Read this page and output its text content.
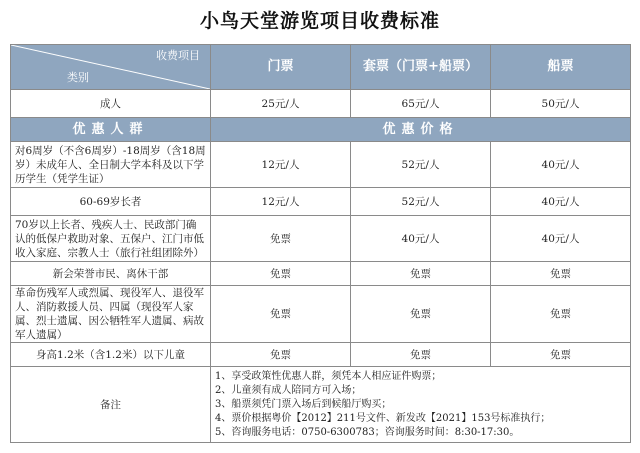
小鸟天堂游览项目收费标准
收费项目
类别	门票	套票（门票+船票）	船票
成人	25元/人	65元/人	50元/人
优惠人群	优惠价格		
对6周岁（不含6周岁）-18周岁（含18周岁）未成年人、全日制大学本科及以下学历学生（凭学生证）	12元/人	52元/人	40元/人
60-69岁长者	12元/人	52元/人	40元/人
70岁以上长者、残疾人士、民政部门确认的低保户救助对象、五保户、江门市低收入家庭、宗教人士（旅行社组团除外）	免票	40元/人	40元/人
新会荣誉市民、离休干部	免票	免票	免票
革命伤残军人或烈属、现役军人、退役军人、消防救援人员、四属（现役军人家属、烈士遗属、因公牺牲军人遗属、病故军人遗属）	免票	免票	免票
身高1.2米（含1.2米）以下儿童	免票	免票	免票
备注	1、享受政策性优惠人群，须凭本人相应证件购票；
2、儿童须有成人陪同方可入场；
3、船票须凭门票入场后到候船厅购买；
4、票价根据粤价【2012】211号文件、新发改【2021】153号标准执行；
5、咨询服务电话：0750-6300783；咨询服务时间：8:30-17:30。		
